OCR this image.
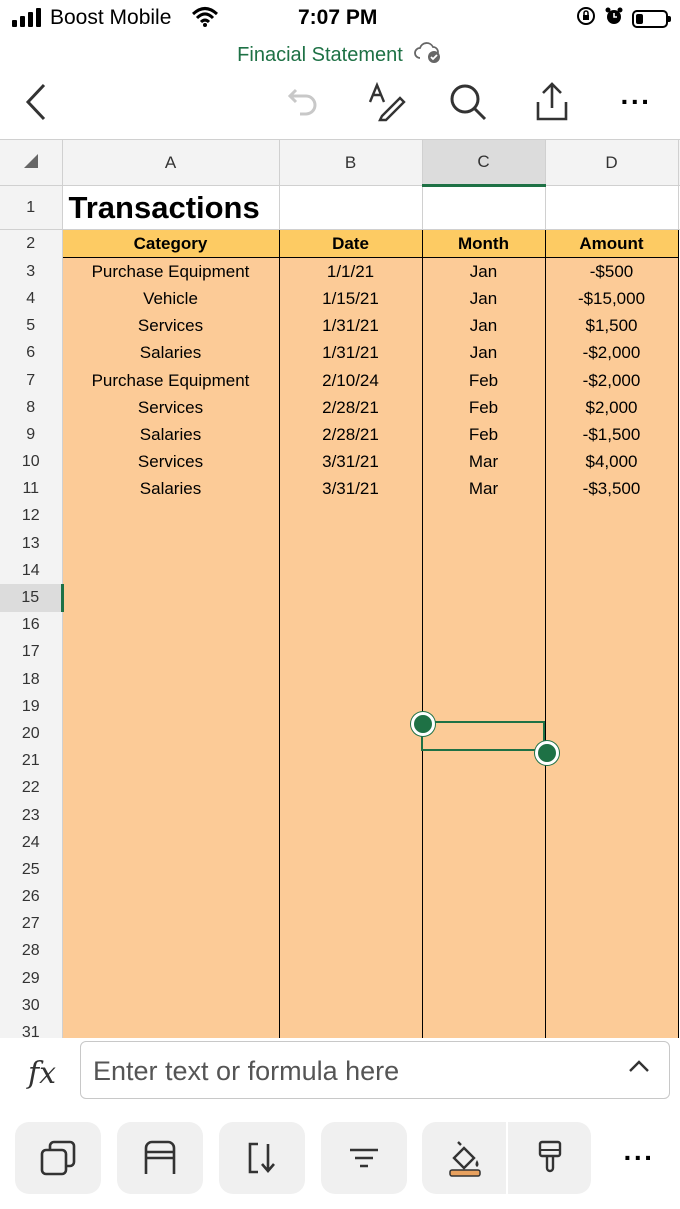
Boost Mobile	7:07 PM
Finacial Statement
···
	A	B	C	D	
1	Transactions				
2	Category	Date	Month	Amount	
3	Purchase Equipment	1/1/21	Jan	-$500	
4	Vehicle	1/15/21	Jan	-$15,000	
5	Services	1/31/21	Jan	$1,500	
6	Salaries	1/31/21	Jan	-$2,000	
7	Purchase Equipment	2/10/24	Feb	-$2,000	
8	Services	2/28/21	Feb	$2,000	
9	Salaries	2/28/21	Feb	-$1,500	
10	Services	3/31/21	Mar	$4,000	
11	Salaries	3/31/21	Mar	-$3,500	
12					
13					
14					
15					
16					
17					
18					
19					
20					
21					
22					
23					
24					
25					
26					
27					
28					
29					
30					
31					
fx
Enter text or formula here
···
